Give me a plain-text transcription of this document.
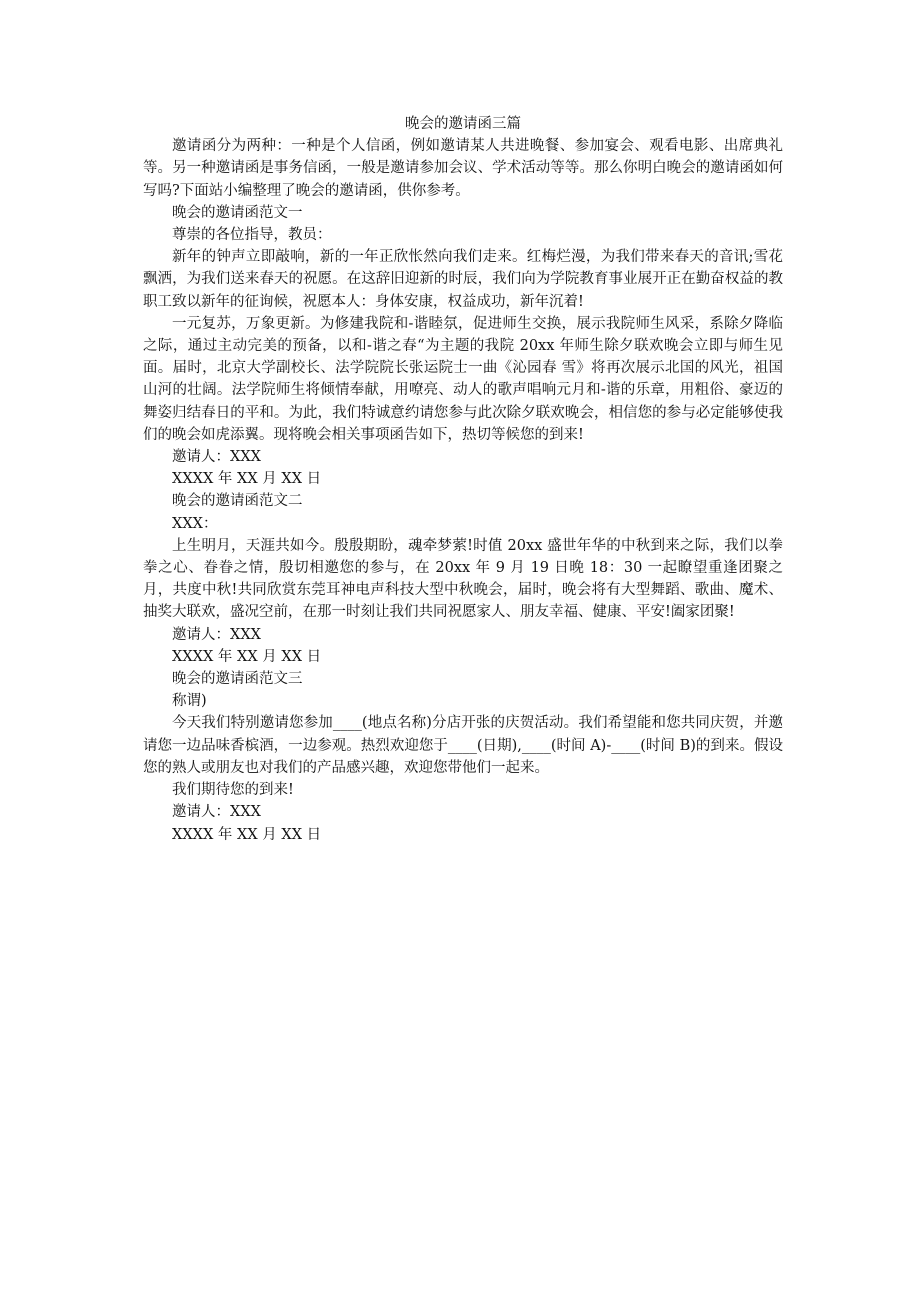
晚会的邀请函三篇

邀请函分为两种：一种是个人信函，例如邀请某人共进晚餐、参加宴会、观看电影、出席典礼等。另一种邀请函是事务信函，一般是邀请参加会议、学术活动等等。那么你明白晚会的邀请函如何写吗?下面站小编整理了晚会的邀请函，供你参考。

晚会的邀请函范文一

尊崇的各位指导，教员：

新年的钟声立即敲响，新的一年正欣怅然向我们走来。红梅烂漫，为我们带来春天的音讯;雪花飘洒，为我们送来春天的祝愿。在这辞旧迎新的时辰，我们向为学院教育事业展开正在勤奋权益的教职工致以新年的征询候，祝愿本人：身体安康，权益成功，新年沉着!

一元复苏，万象更新。为修建我院和-谐睦氛，促进师生交换，展示我院师生风采，系除夕降临之际，通过主动完美的预备，以和-谐之春“为主题的我院 20xx 年师生除夕联欢晚会立即与师生见面。届时，北京大学副校长、法学院院长张运院士一曲《沁园春 雪》将再次展示北国的风光，祖国山河的壮阔。法学院师生将倾情奉献，用嘹亮、动人的歌声唱响元月和-谐的乐章，用粗俗、豪迈的舞姿归结春日的平和。为此，我们特诚意约请您参与此次除夕联欢晚会，相信您的参与必定能够使我们的晚会如虎添翼。现将晚会相关事项函告如下，热切等候您的到来!

邀请人：XXX

XXXX 年 XX 月 XX 日

晚会的邀请函范文二

XXX：

上生明月，天涯共如今。殷殷期盼，魂牵梦萦!时值 20xx 盛世年华的中秋到来之际，我们以拳拳之心、眷眷之情，殷切相邀您的参与，在 20xx 年 9 月 19 日晚 18：30 一起瞭望重逢团聚之月，共度中秋!共同欣赏东莞耳神电声科技大型中秋晚会，届时，晚会将有大型舞蹈、歌曲、魔术、抽奖大联欢，盛况空前，在那一时刻让我们共同祝愿家人、朋友幸福、健康、平安!阖家团聚!

邀请人：XXX

XXXX 年 XX 月 XX 日

晚会的邀请函范文三

称谓)

今天我们特别邀请您参加____(地点名称)分店开张的庆贺活动。我们希望能和您共同庆贺，并邀请您一边品味香槟酒，一边参观。热烈欢迎您于____(日期),____(时间 A)-____(时间 B)的到来。假设您的熟人或朋友也对我们的产品感兴趣，欢迎您带他们一起来。

我们期待您的到来!

邀请人：XXX

XXXX 年 XX 月 XX 日
